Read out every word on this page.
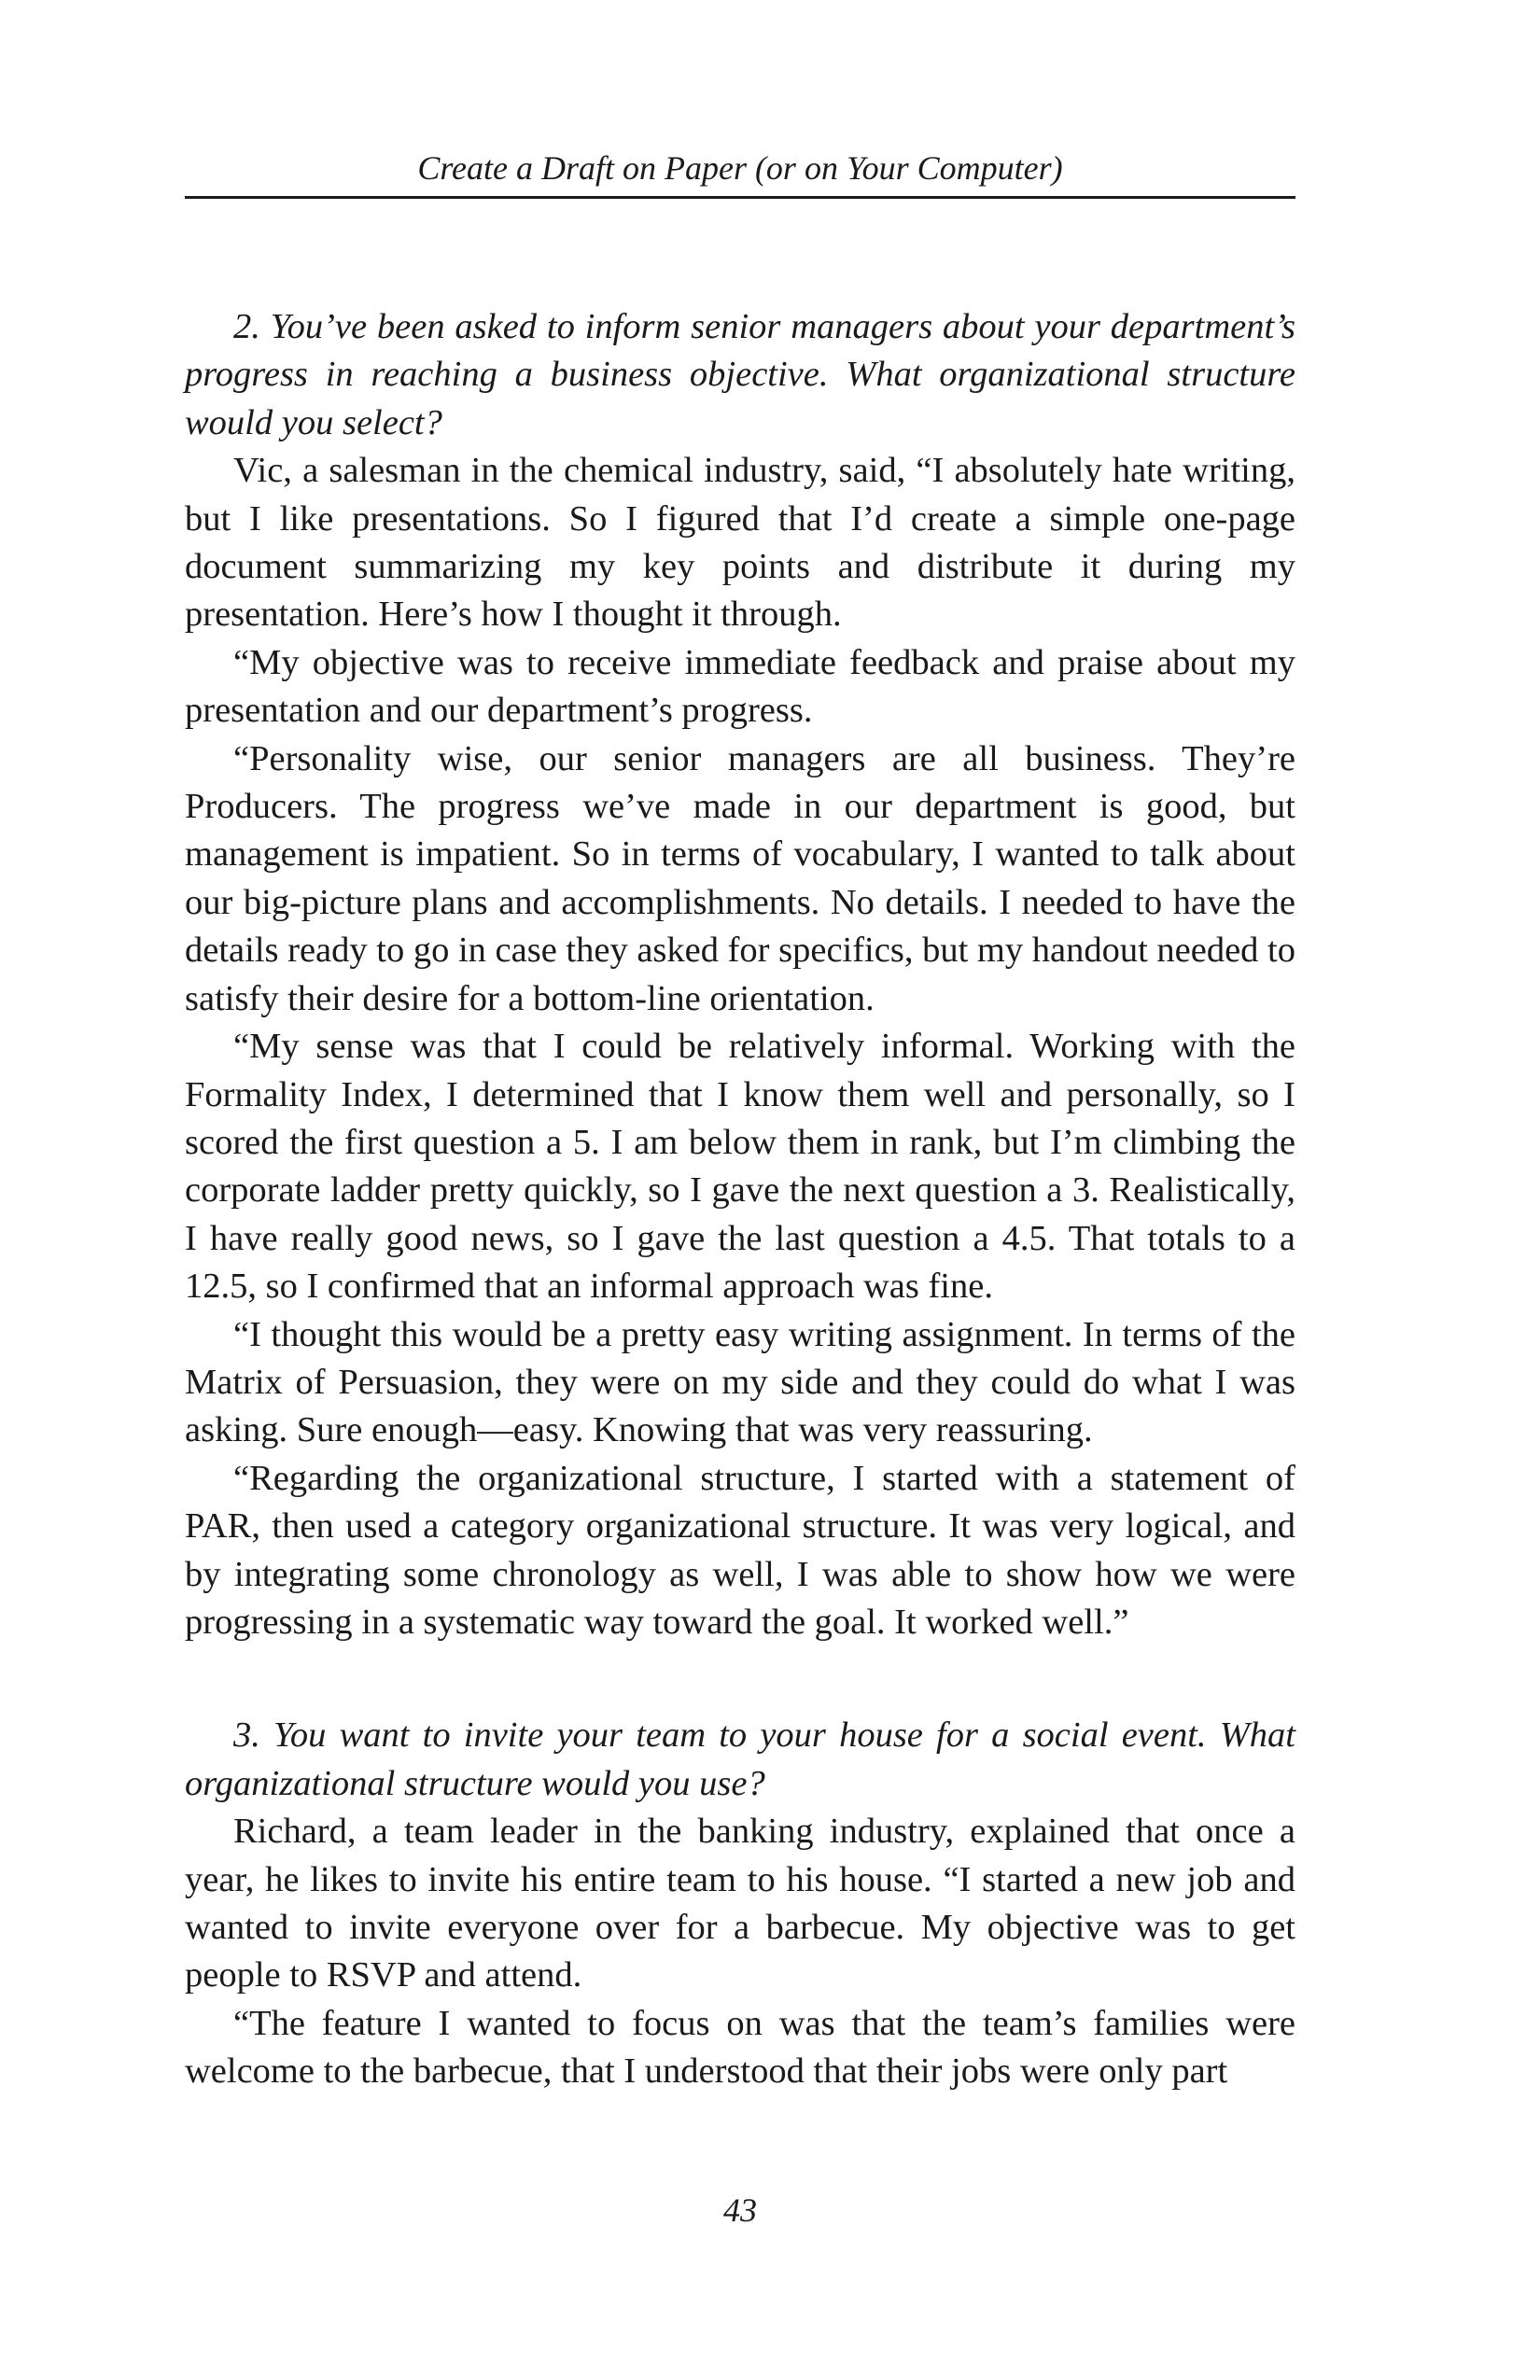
Create a Draft on Paper (or on Your Computer)

2. You’ve been asked to inform senior managers about your department’s progress in reaching a business objective. What organizational structure would you select?

Vic, a salesman in the chemical industry, said, “I absolutely hate writing, but I like presentations. So I figured that I’d create a simple one-page document summarizing my key points and distribute it during my presentation. Here’s how I thought it through.

“My objective was to receive immediate feedback and praise about my presentation and our department’s progress.

“Personality wise, our senior managers are all business. They’re Producers. The progress we’ve made in our department is good, but management is impatient. So in terms of vocabulary, I wanted to talk about our big-picture plans and accomplishments. No details. I needed to have the details ready to go in case they asked for specifics, but my handout needed to satisfy their desire for a bottom-line orientation.

“My sense was that I could be relatively informal. Working with the Formality Index, I determined that I know them well and personally, so I scored the first question a 5. I am below them in rank, but I’m climbing the corporate ladder pretty quickly, so I gave the next question a 3. Realistically, I have really good news, so I gave the last question a 4.5. That totals to a 12.5, so I confirmed that an informal approach was fine.

“I thought this would be a pretty easy writing assignment. In terms of the Matrix of Persuasion, they were on my side and they could do what I was asking. Sure enough—easy. Knowing that was very reassuring.

“Regarding the organizational structure, I started with a statement of PAR, then used a category organizational structure. It was very logical, and by integrating some chronology as well, I was able to show how we were progressing in a systematic way toward the goal. It worked well.”

3. You want to invite your team to your house for a social event. What organizational structure would you use?

Richard, a team leader in the banking industry, explained that once a year, he likes to invite his entire team to his house. “I started a new job and wanted to invite everyone over for a barbecue. My objective was to get people to RSVP and attend.

“The feature I wanted to focus on was that the team’s families were welcome to the barbecue, that I understood that their jobs were only part

43
